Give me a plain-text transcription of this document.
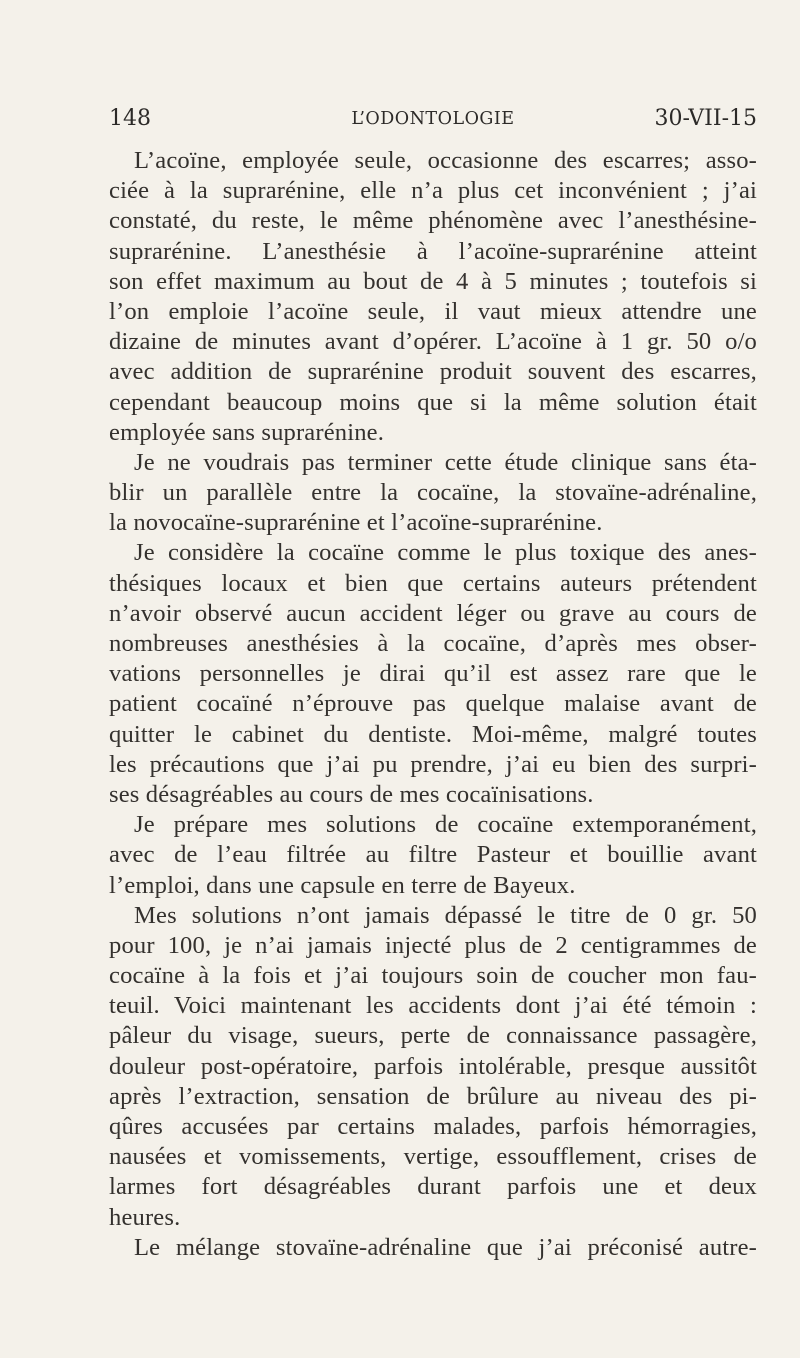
148	L’ODONTOLOGIE	30-VII-15
L’acoïne, employée seule, occasionne des escarres; asso-
ciée à la suprarénine, elle n’a plus cet inconvénient ; j’ai
constaté, du reste, le même phénomène avec l’anesthésine-
suprarénine. L’anesthésie à l’acoïne-suprarénine atteint
son effet maximum au bout de 4 à 5 minutes ; toutefois si
l’on emploie l’acoïne seule, il vaut mieux attendre une
dizaine de minutes avant d’opérer. L’acoïne à 1 gr. 50 o/o
avec addition de suprarénine produit souvent des escarres,
cependant beaucoup moins que si la même solution était
employée sans suprarénine.
Je ne voudrais pas terminer cette étude clinique sans éta-
blir un parallèle entre la cocaïne, la stovaïne-adrénaline,
la novocaïne-suprarénine et l’acoïne-suprarénine.
Je considère la cocaïne comme le plus toxique des anes-
thésiques locaux et bien que certains auteurs prétendent
n’avoir observé aucun accident léger ou grave au cours de
nombreuses anesthésies à la cocaïne, d’après mes obser-
vations personnelles je dirai qu’il est assez rare que le
patient cocaïné n’éprouve pas quelque malaise avant de
quitter le cabinet du dentiste. Moi-même, malgré toutes
les précautions que j’ai pu prendre, j’ai eu bien des surpri-
ses désagréables au cours de mes cocaïnisations.
Je prépare mes solutions de cocaïne extemporanément,
avec de l’eau filtrée au filtre Pasteur et bouillie avant
l’emploi, dans une capsule en terre de Bayeux.
Mes solutions n’ont jamais dépassé le titre de 0 gr. 50
pour 100, je n’ai jamais injecté plus de 2 centigrammes de
cocaïne à la fois et j’ai toujours soin de coucher mon fau-
teuil. Voici maintenant les accidents dont j’ai été témoin :
pâleur du visage, sueurs, perte de connaissance passagère,
douleur post-opératoire, parfois intolérable, presque aussitôt
après l’extraction, sensation de brûlure au niveau des pi-
qûres accusées par certains malades, parfois hémorragies,
nausées et vomissements, vertige, essoufflement, crises de
larmes fort désagréables durant parfois une et deux
heures.
Le mélange stovaïne-adrénaline que j’ai préconisé autre-
